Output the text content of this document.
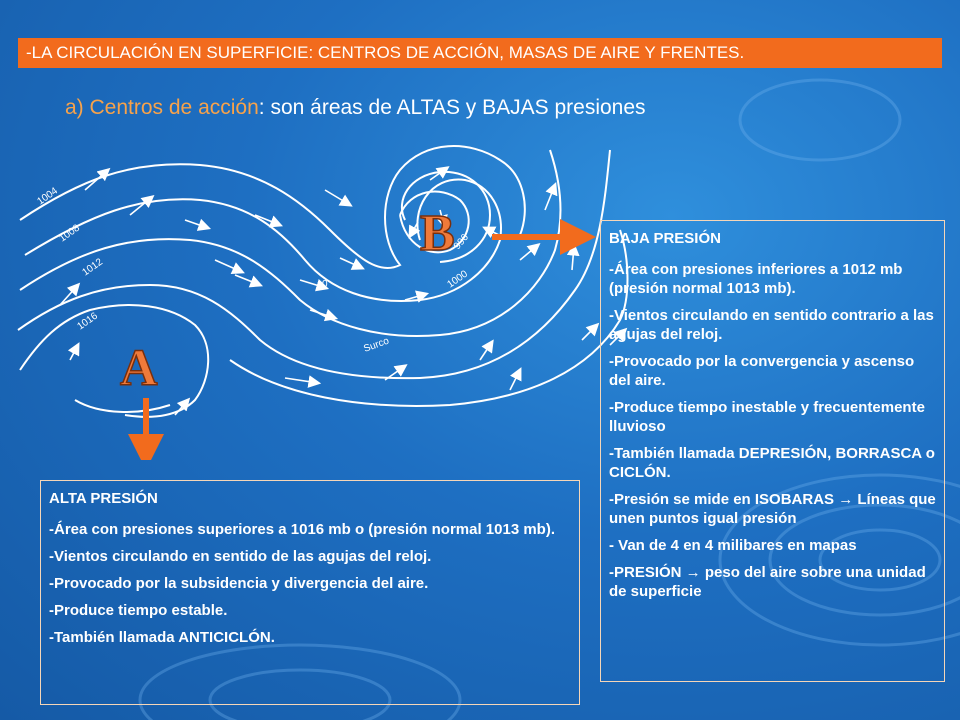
-LA CIRCULACIÓN EN SUPERFICIE: CENTROS DE ACCIÓN, MASAS DE AIRE Y FRENTES.
a) Centros de acción: son áreas de ALTAS y BAJAS presiones
1004
1008
1012
1016
996
1000
0
Surco
B
A
ALTA PRESIÓN
-Área con presiones superiores a 1016 mb o (presión normal 1013 mb).
-Vientos circulando en sentido de las agujas del reloj.
-Provocado por la subsidencia y divergencia del aire.
-Produce tiempo estable.
-También llamada ANTICICLÓN.
BAJA PRESIÓN
-Área con presiones inferiores a 1012 mb (presión normal 1013 mb).
-Vientos circulando en sentido contrario a las agujas del reloj.
-Provocado por la convergencia y ascenso del aire.
-Produce tiempo inestable y frecuentemente lluvioso
-También llamada DEPRESIÓN, BORRASCA o CICLÓN.
-Presión se mide en ISOBARAS → Líneas que unen puntos igual presión
- Van de 4 en 4 milibares en mapas
-PRESIÓN → peso del aire sobre una unidad de superficie
